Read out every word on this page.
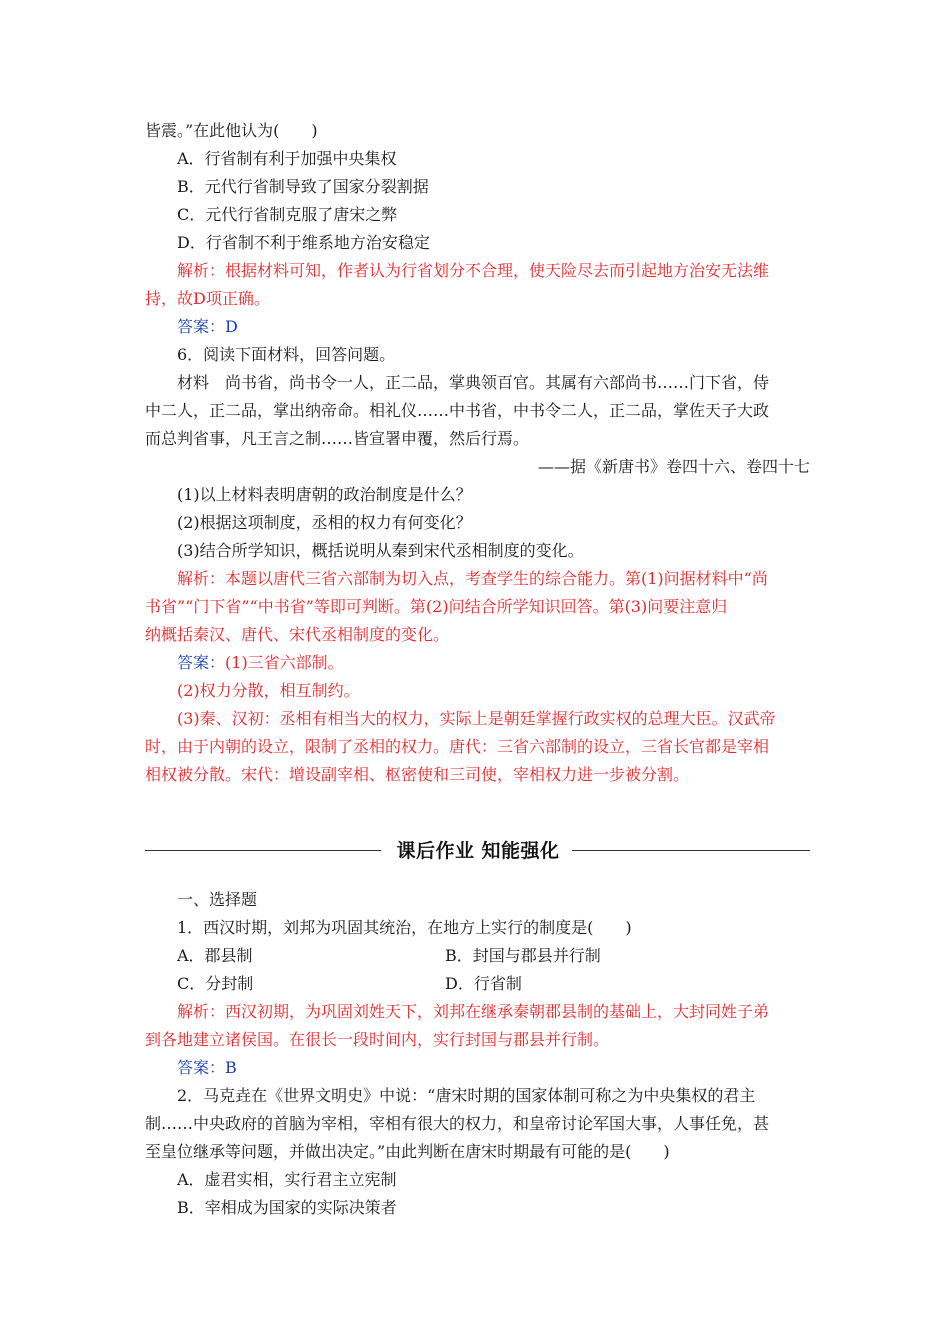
皆震。”在此他认为(　　)
A．行省制有利于加强中央集权
B．元代行省制导致了国家分裂割据
C．元代行省制克服了唐宋之弊
D．行省制不利于维系地方治安稳定
解析：根据材料可知，作者认为行省划分不合理，使天险尽去而引起地方治安无法维
持，故D项正确。
答案：D
6．阅读下面材料，回答问题。
材料　尚书省，尚书令一人，正二品，掌典领百官。其属有六部尚书……门下省，侍
中二人，正二品，掌出纳帝命。相礼仪……中书省，中书令二人，正二品，掌佐天子大政
而总判省事，凡王言之制……皆宣署申覆，然后行焉。
——据《新唐书》卷四十六、卷四十七
(1)以上材料表明唐朝的政治制度是什么？
(2)根据这项制度，丞相的权力有何变化？
(3)结合所学知识，概括说明从秦到宋代丞相制度的变化。
解析：本题以唐代三省六部制为切入点，考查学生的综合能力。第(1)问据材料中“尚
书省”“门下省”“中书省”等即可判断。第(2)问结合所学知识回答。第(3)问要注意归
纳概括秦汉、唐代、宋代丞相制度的变化。
答案：(1)三省六部制。
(2)权力分散，相互制约。
(3)秦、汉初：丞相有相当大的权力，实际上是朝廷掌握行政实权的总理大臣。汉武帝
时，由于内朝的设立，限制了丞相的权力。唐代：三省六部制的设立，三省长官都是宰相
相权被分散。宋代：增设副宰相、枢密使和三司使，宰相权力进一步被分割。
课后作业 知能强化
一、选择题
1．西汉时期，刘邦为巩固其统治，在地方上实行的制度是(　　)
A．郡县制	B．封国与郡县并行制
C．分封制	D．行省制
解析：西汉初期，为巩固刘姓天下，刘邦在继承秦朝郡县制的基础上，大封同姓子弟
到各地建立诸侯国。在很长一段时间内，实行封国与郡县并行制。
答案：B
2．马克垚在《世界文明史》中说：“唐宋时期的国家体制可称之为中央集权的君主
制……中央政府的首脑为宰相，宰相有很大的权力，和皇帝讨论军国大事，人事任免，甚
至皇位继承等问题，并做出决定。”由此判断在唐宋时期最有可能的是(　　)
A．虚君实相，实行君主立宪制
B．宰相成为国家的实际决策者
